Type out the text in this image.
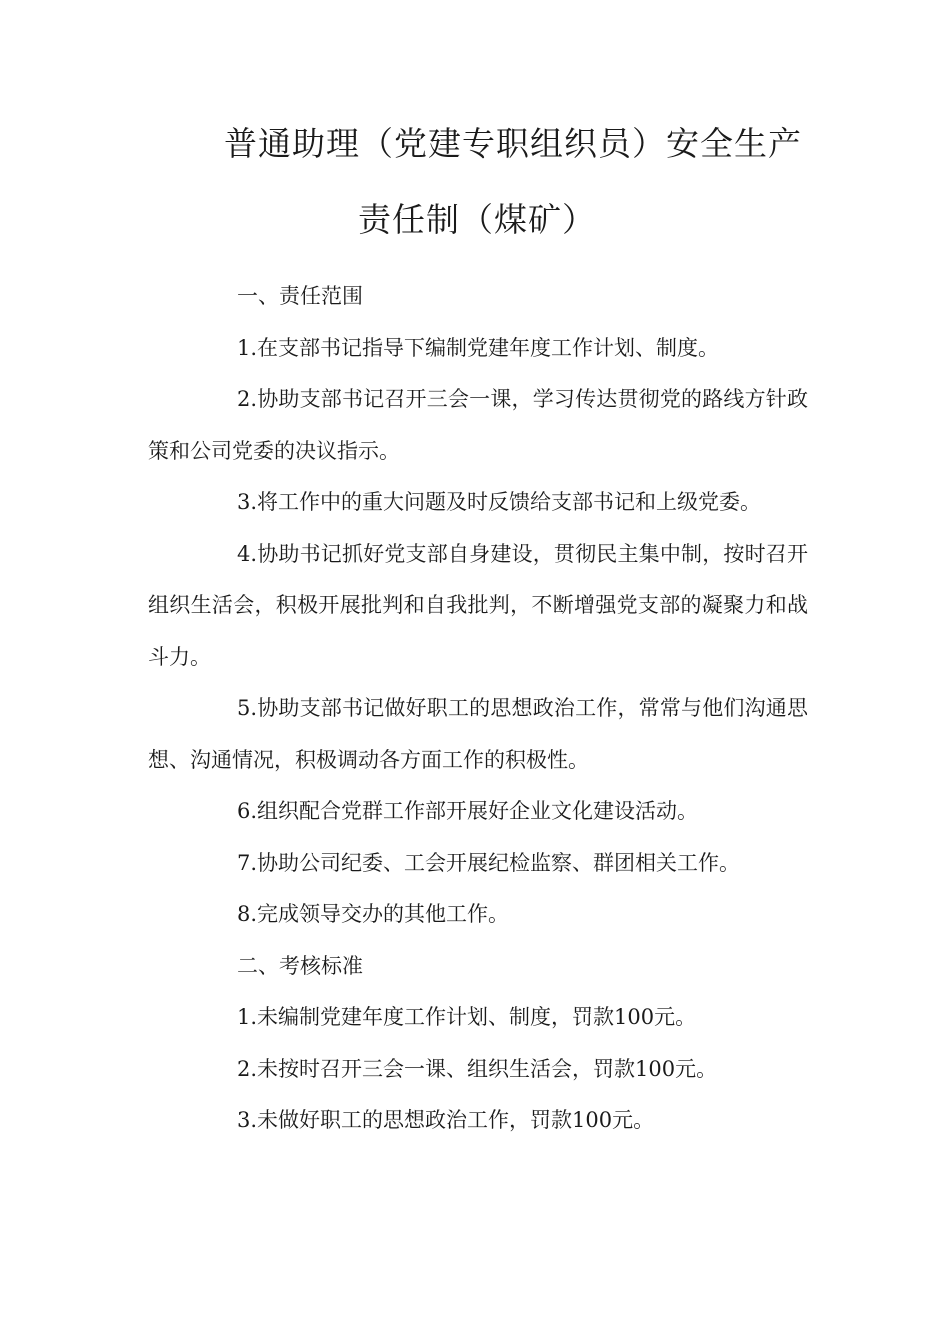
普通助理（党建专职组织员）安全生产
责任制（煤矿）

一、责任范围

1.在支部书记指导下编制党建年度工作计划、制度。

2.协助支部书记召开三会一课，学习传达贯彻党的路线方针政策和公司党委的决议指示。

3.将工作中的重大问题及时反馈给支部书记和上级党委。

4.协助书记抓好党支部自身建设，贯彻民主集中制，按时召开组织生活会，积极开展批判和自我批判，不断增强党支部的凝聚力和战斗力。

5.协助支部书记做好职工的思想政治工作，常常与他们沟通思想、沟通情况，积极调动各方面工作的积极性。

6.组织配合党群工作部开展好企业文化建设活动。

7.协助公司纪委、工会开展纪检监察、群团相关工作。

8.完成领导交办的其他工作。

二、考核标准

1.未编制党建年度工作计划、制度，罚款100元。

2.未按时召开三会一课、组织生活会，罚款100元。

3.未做好职工的思想政治工作，罚款100元。
